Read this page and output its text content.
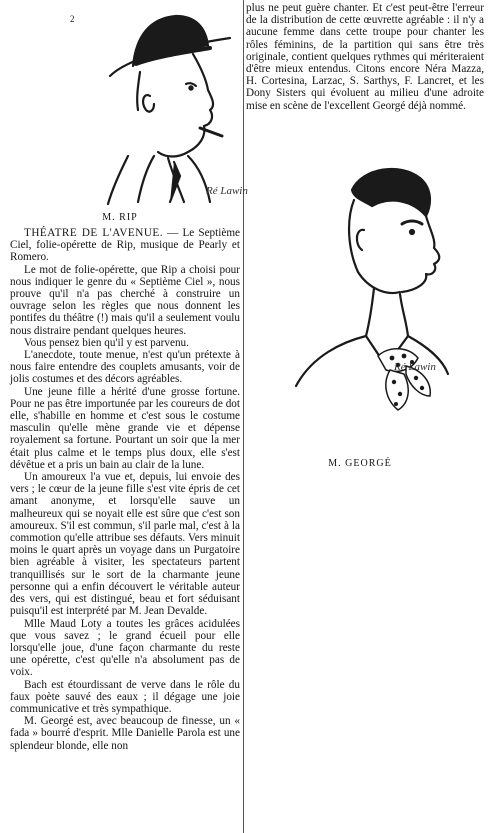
2
Ré Lawin
M. RIP

THÉATRE DE L'AVENUE. — Le Septième Ciel, folie-opérette de Rip, musique de Pearly et Romero.

Le mot de folie-opérette, que Rip a choisi pour nous indiquer le genre du « Septième Ciel », nous prouve qu'il n'a pas cherché à construire un ouvrage selon les règles que nous donnent les pontifes du théâtre (!) mais qu'il a seulement voulu nous distraire pendant quelques heures.

Vous pensez bien qu'il y est parvenu.

L'anecdote, toute menue, n'est qu'un prétexte à nous faire entendre des couplets amusants, voir de jolis costumes et des décors agréables.

Une jeune fille a hérité d'une grosse fortune. Pour ne pas être importunée par les coureurs de dot elle, s'habille en homme et c'est sous le costume masculin qu'elle mène grande vie et dépense royalement sa fortune. Pourtant un soir que la mer était plus calme et le temps plus doux, elle s'est dévêtue et a pris un bain au clair de la lune.

Un amoureux l'a vue et, depuis, lui envoie des vers ; le cœur de la jeune fille s'est vite épris de cet amant anonyme, et lorsqu'elle sauve un malheureux qui se noyait elle est sûre que c'est son amoureux. S'il est commun, s'il parle mal, c'est à la commotion qu'elle attribue ses défauts. Vers minuit moins le quart après un voyage dans un Purgatoire bien agréable à visiter, les spectateurs partent tranquillisés sur le sort de la charmante jeune personne qui a enfin découvert le véritable auteur des vers, qui est distingué, beau et fort séduisant puisqu'il est interprété par M. Jean Devalde.

Mlle Maud Loty a toutes les grâces acidulées que vous savez ; le grand écueil pour elle lorsqu'elle joue, d'une façon charmante du reste une opérette, c'est qu'elle n'a absolument pas de voix.

Bach est étourdissant de verve dans le rôle du faux poète sauvé des eaux ; il dégage une joie communicative et très sympathique.

M. Georgé est, avec beaucoup de finesse, un « fada » bourré d'esprit. Mlle Danielle Parola est une splendeur blonde, elle non

plus ne peut guère chanter. Et c'est peut-être l'erreur de la distribution de cette œuvrette agréable : il n'y a aucune femme dans cette troupe pour chanter les rôles féminins, de la partition qui sans être très originale, contient quelques rythmes qui mériteraient d'être mieux entendus. Citons encore Néra Mazza, H. Cortesina, Larzac, S. Sarthys, F. Lancret, et les Dony Sisters qui évoluent au milieu d'une adroite mise en scène de l'excellent Georgé déjà nommé.

Ré Lawin
M. GEORGÉ
